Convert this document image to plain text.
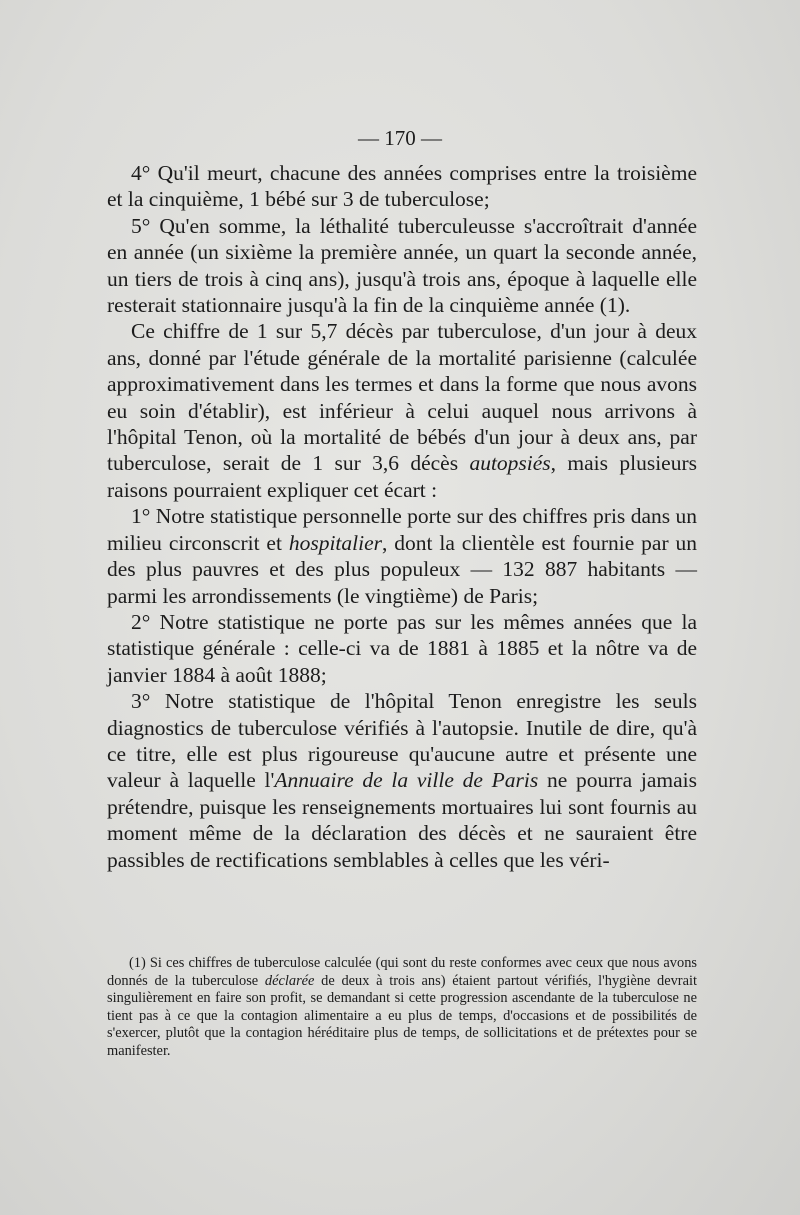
— 170 —

4° Qu'il meurt, chacune des années comprises entre la troisième et la cinquième, 1 bébé sur 3 de tuberculose;

5° Qu'en somme, la léthalité tuberculeusse s'accroîtrait d'année en année (un sixième la première année, un quart la seconde année, un tiers de trois à cinq ans), jusqu'à trois ans, époque à laquelle elle resterait stationnaire jusqu'à la fin de la cinquième année (1).

Ce chiffre de 1 sur 5,7 décès par tuberculose, d'un jour à deux ans, donné par l'étude générale de la mortalité parisienne (calculée approximativement dans les termes et dans la forme que nous avons eu soin d'établir), est inférieur à celui auquel nous arrivons à l'hôpital Tenon, où la mortalité de bébés d'un jour à deux ans, par tuberculose, serait de 1 sur 3,6 décès autopsiés, mais plusieurs raisons pourraient expliquer cet écart :

1° Notre statistique personnelle porte sur des chiffres pris dans un milieu circonscrit et hospitalier, dont la clientèle est fournie par un des plus pauvres et des plus populeux — 132 887 habitants — parmi les arrondissements (le vingtième) de Paris;

2° Notre statistique ne porte pas sur les mêmes années que la statistique générale : celle-ci va de 1881 à 1885 et la nôtre va de janvier 1884 à août 1888;

3° Notre statistique de l'hôpital Tenon enregistre les seuls diagnostics de tuberculose vérifiés à l'autopsie. Inutile de dire, qu'à ce titre, elle est plus rigoureuse qu'aucune autre et présente une valeur à laquelle l'Annuaire de la ville de Paris ne pourra jamais prétendre, puisque les renseignements mortuaires lui sont fournis au moment même de la déclaration des décès et ne sauraient être passibles de rectifications semblables à celles que les véri-

(1) Si ces chiffres de tuberculose calculée (qui sont du reste conformes avec ceux que nous avons donnés de la tuberculose déclarée de deux à trois ans) étaient partout vérifiés, l'hygiène devrait singulièrement en faire son profit, se demandant si cette progression ascendante de la tuberculose ne tient pas à ce que la contagion alimentaire a eu plus de temps, d'occasions et de possibilités de s'exercer, plutôt que la contagion héréditaire plus de temps, de sollicitations et de prétextes pour se manifester.
